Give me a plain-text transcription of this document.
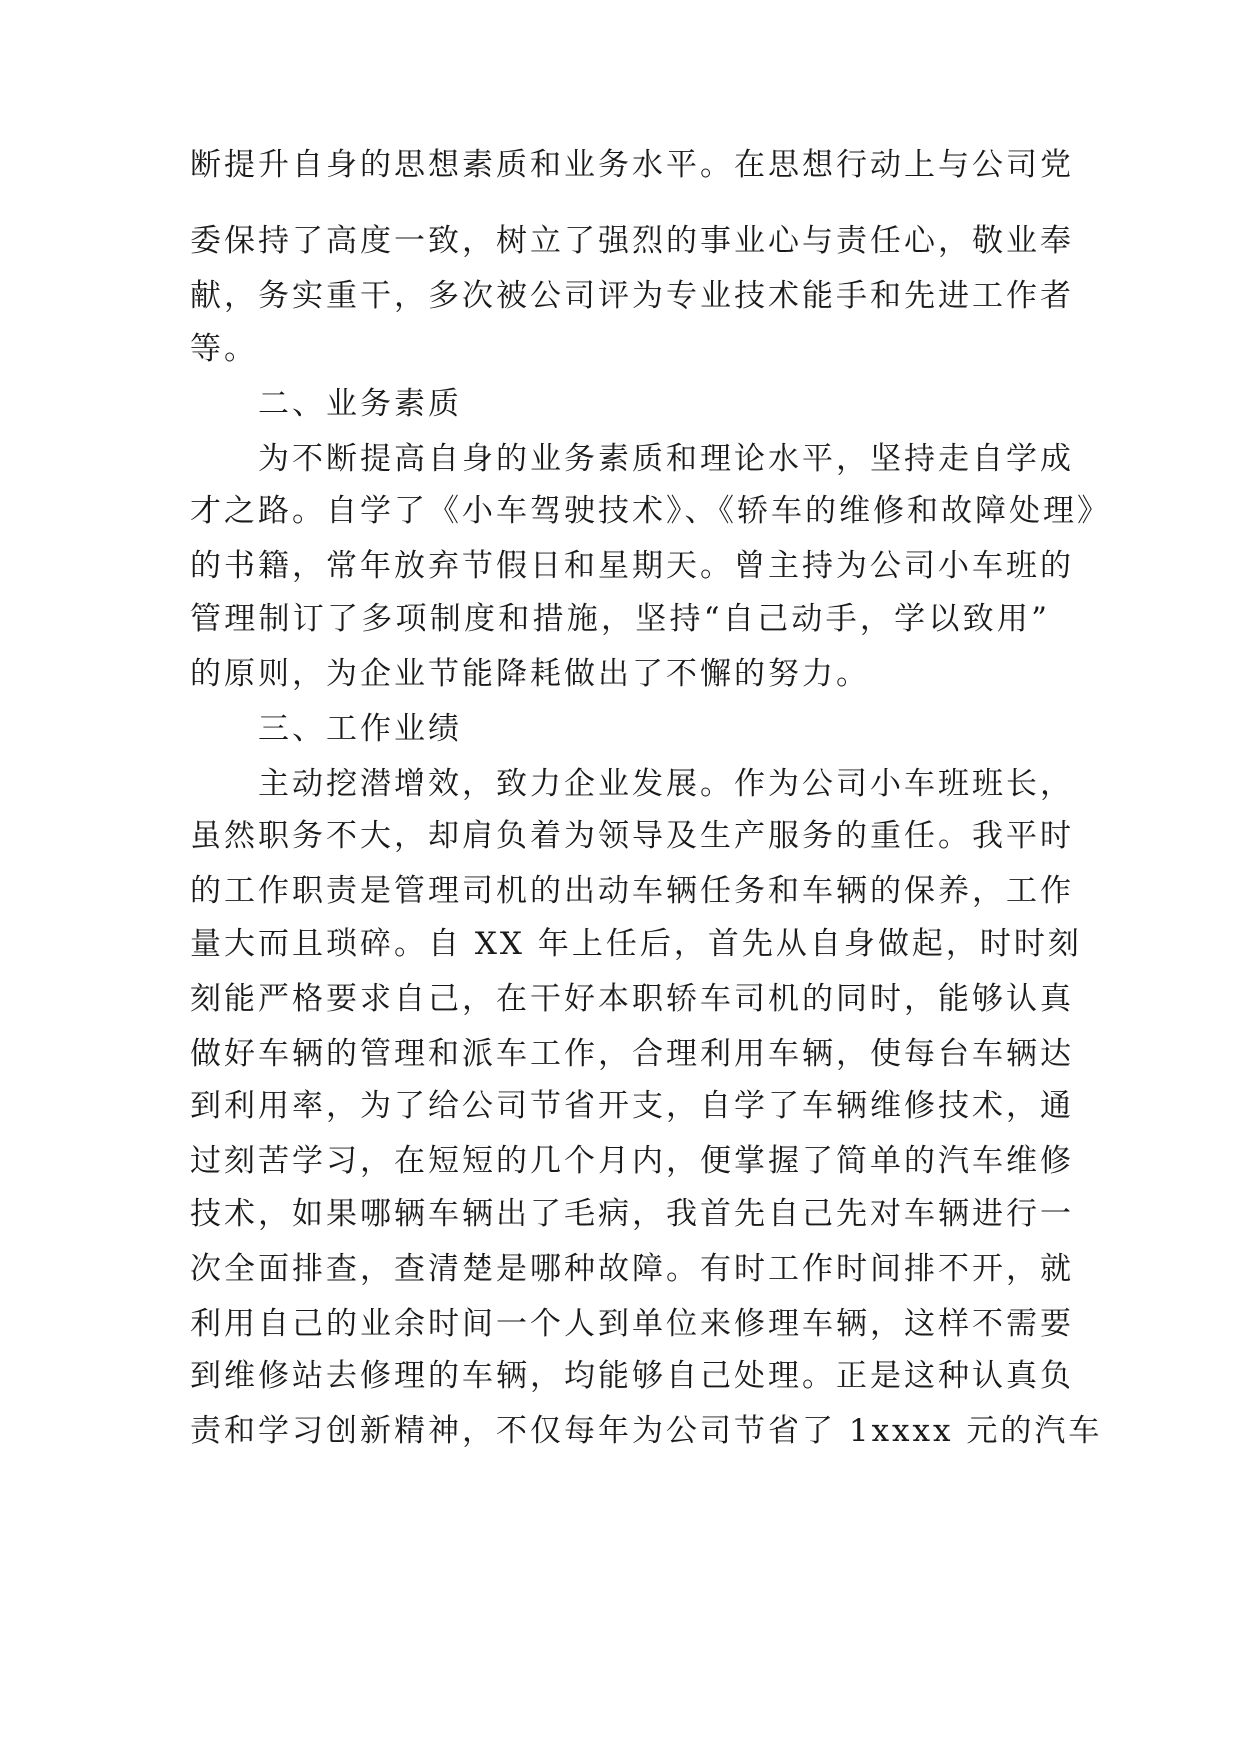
断提升自身的思想素质和业务水平。在思想行动上与公司党
委保持了高度一致，树立了强烈的事业心与责任心，敬业奉
献，务实重干，多次被公司评为专业技术能手和先进工作者
等。
二、业务素质
为不断提高自身的业务素质和理论水平，坚持走自学成
才之路。自学了《小车驾驶技术》、《轿车的维修和故障处理》
的书籍，常年放弃节假日和星期天。曾主持为公司小车班的
管理制订了多项制度和措施，坚持“自己动手，学以致用”
的原则，为企业节能降耗做出了不懈的努力。
三、工作业绩
主动挖潜增效，致力企业发展。作为公司小车班班长，
虽然职务不大，却肩负着为领导及生产服务的重任。我平时
的工作职责是管理司机的出动车辆任务和车辆的保养，工作
量大而且琐碎。自 XX 年上任后，首先从自身做起，时时刻
刻能严格要求自己，在干好本职轿车司机的同时，能够认真
做好车辆的管理和派车工作，合理利用车辆，使每台车辆达
到利用率，为了给公司节省开支，自学了车辆维修技术，通
过刻苦学习，在短短的几个月内，便掌握了简单的汽车维修
技术，如果哪辆车辆出了毛病，我首先自己先对车辆进行一
次全面排查，查清楚是哪种故障。有时工作时间排不开，就
利用自己的业余时间一个人到单位来修理车辆，这样不需要
到维修站去修理的车辆，均能够自己处理。正是这种认真负
责和学习创新精神，不仅每年为公司节省了 1xxxx 元的汽车
